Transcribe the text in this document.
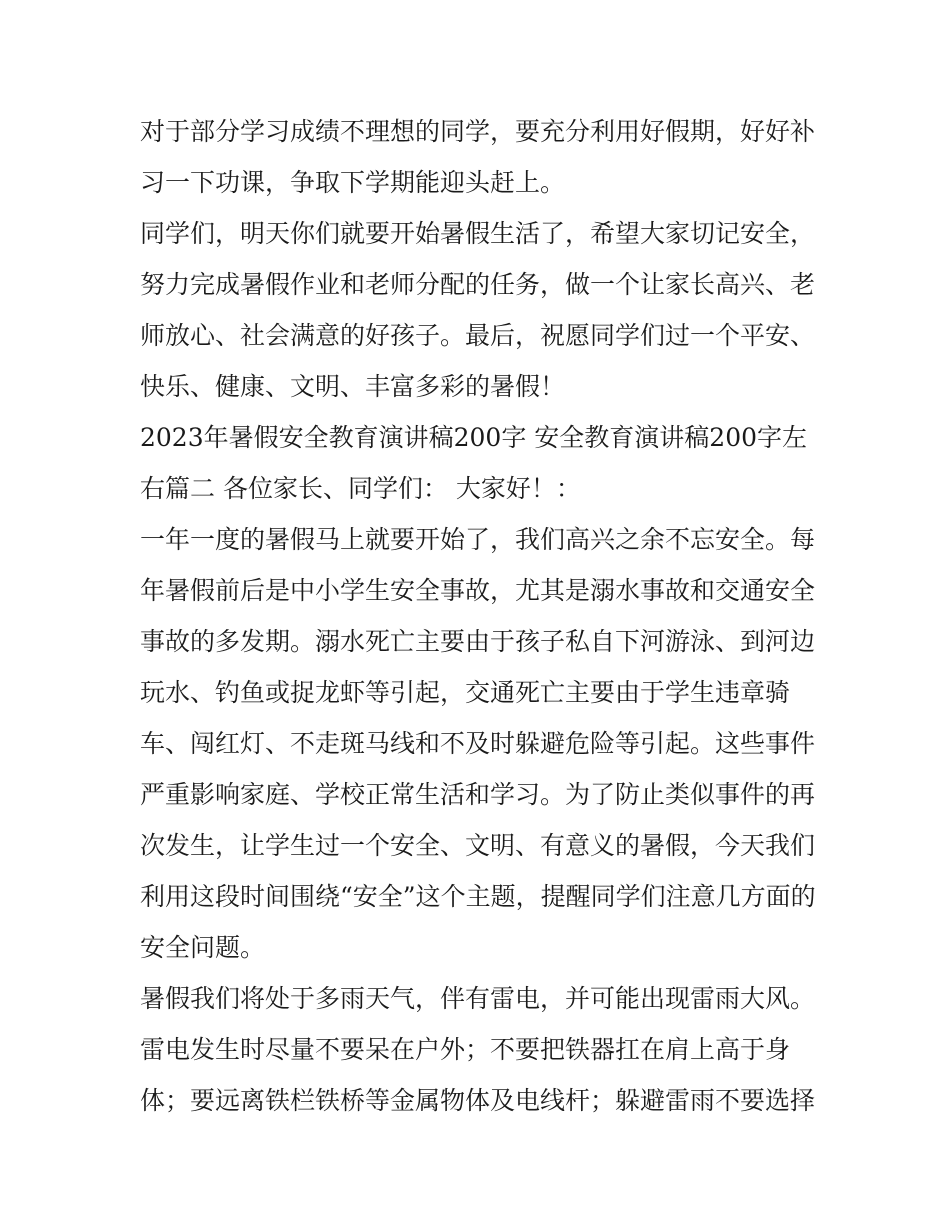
对于部分学习成绩不理想的同学，要充分利用好假期，好好补
习一下功课，争取下学期能迎头赶上。
同学们，明天你们就要开始暑假生活了，希望大家切记安全，
努力完成暑假作业和老师分配的任务，做一个让家长高兴、老
师放心、社会满意的好孩子。最后，祝愿同学们过一个平安、
快乐、健康、文明、丰富多彩的暑假！
2023年暑假安全教育演讲稿200字 安全教育演讲稿200字左
右篇二 各位家长、同学们： 大家好！：
一年一度的暑假马上就要开始了，我们高兴之余不忘安全。每
年暑假前后是中小学生安全事故，尤其是溺水事故和交通安全
事故的多发期。溺水死亡主要由于孩子私自下河游泳、到河边
玩水、钓鱼或捉龙虾等引起，交通死亡主要由于学生违章骑
车、闯红灯、不走斑马线和不及时躲避危险等引起。这些事件
严重影响家庭、学校正常生活和学习。为了防止类似事件的再
次发生，让学生过一个安全、文明、有意义的暑假，今天我们
利用这段时间围绕“安全”这个主题，提醒同学们注意几方面的
安全问题。
暑假我们将处于多雨天气，伴有雷电，并可能出现雷雨大风。
雷电发生时尽量不要呆在户外；不要把铁器扛在肩上高于身
体；要远离铁栏铁桥等金属物体及电线杆；躲避雷雨不要选择
